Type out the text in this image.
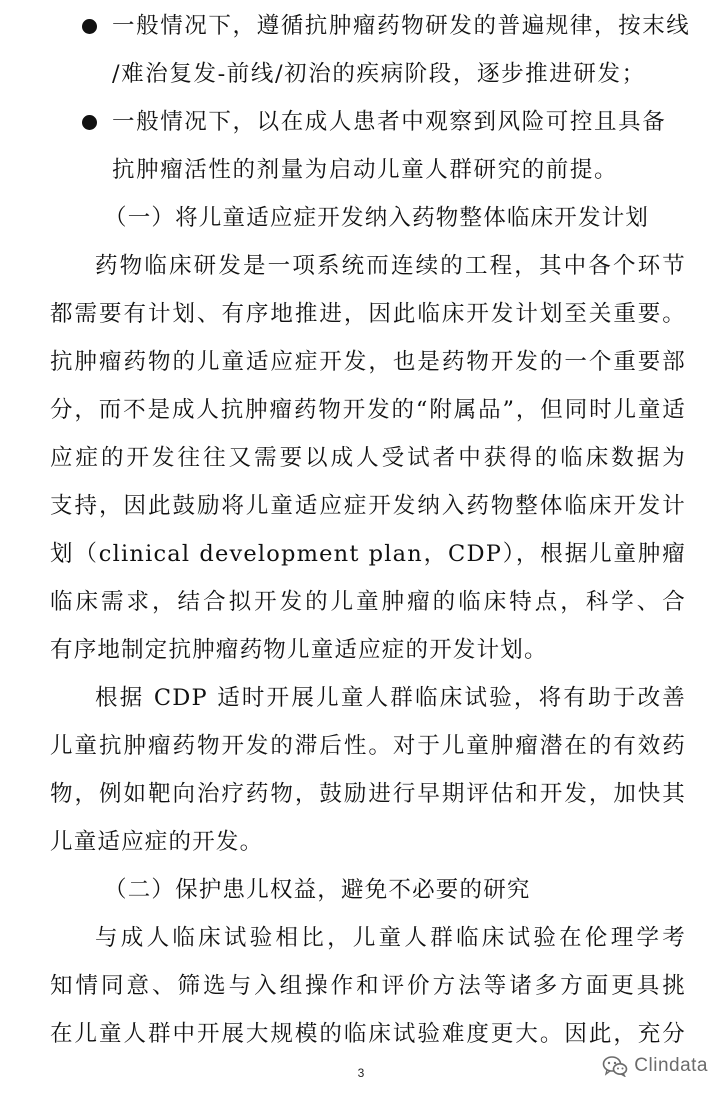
一般情况下，遵循抗肿瘤药物研发的普遍规律，按末线
/难治复发-前线/初治的疾病阶段，逐步推进研发；
一般情况下，以在成人患者中观察到风险可控且具备
抗肿瘤活性的剂量为启动儿童人群研究的前提。
（一）将儿童适应症开发纳入药物整体临床开发计划
药物临床研发是一项系统而连续的工程，其中各个环节
都需要有计划、有序地推进，因此临床开发计划至关重要。
抗肿瘤药物的儿童适应症开发，也是药物开发的一个重要部
分，而不是成人抗肿瘤药物开发的“附属品”，但同时儿童适
应症的开发往往又需要以成人受试者中获得的临床数据为
支持，因此鼓励将儿童适应症开发纳入药物整体临床开发计
划（clinical development plan，CDP），根据儿童肿瘤
临床需求，结合拟开发的儿童肿瘤的临床特点，科学、合
有序地制定抗肿瘤药物儿童适应症的开发计划。
根据 CDP 适时开展儿童人群临床试验，将有助于改善
儿童抗肿瘤药物开发的滞后性。对于儿童肿瘤潜在的有效药
物，例如靶向治疗药物，鼓励进行早期评估和开发，加快其
儿童适应症的开发。
（二）保护患儿权益，避免不必要的研究
与成人临床试验相比，儿童人群临床试验在伦理学考
知情同意、筛选与入组操作和评价方法等诸多方面更具挑
在儿童人群中开展大规模的临床试验难度更大。因此，充分
3	Clindata
